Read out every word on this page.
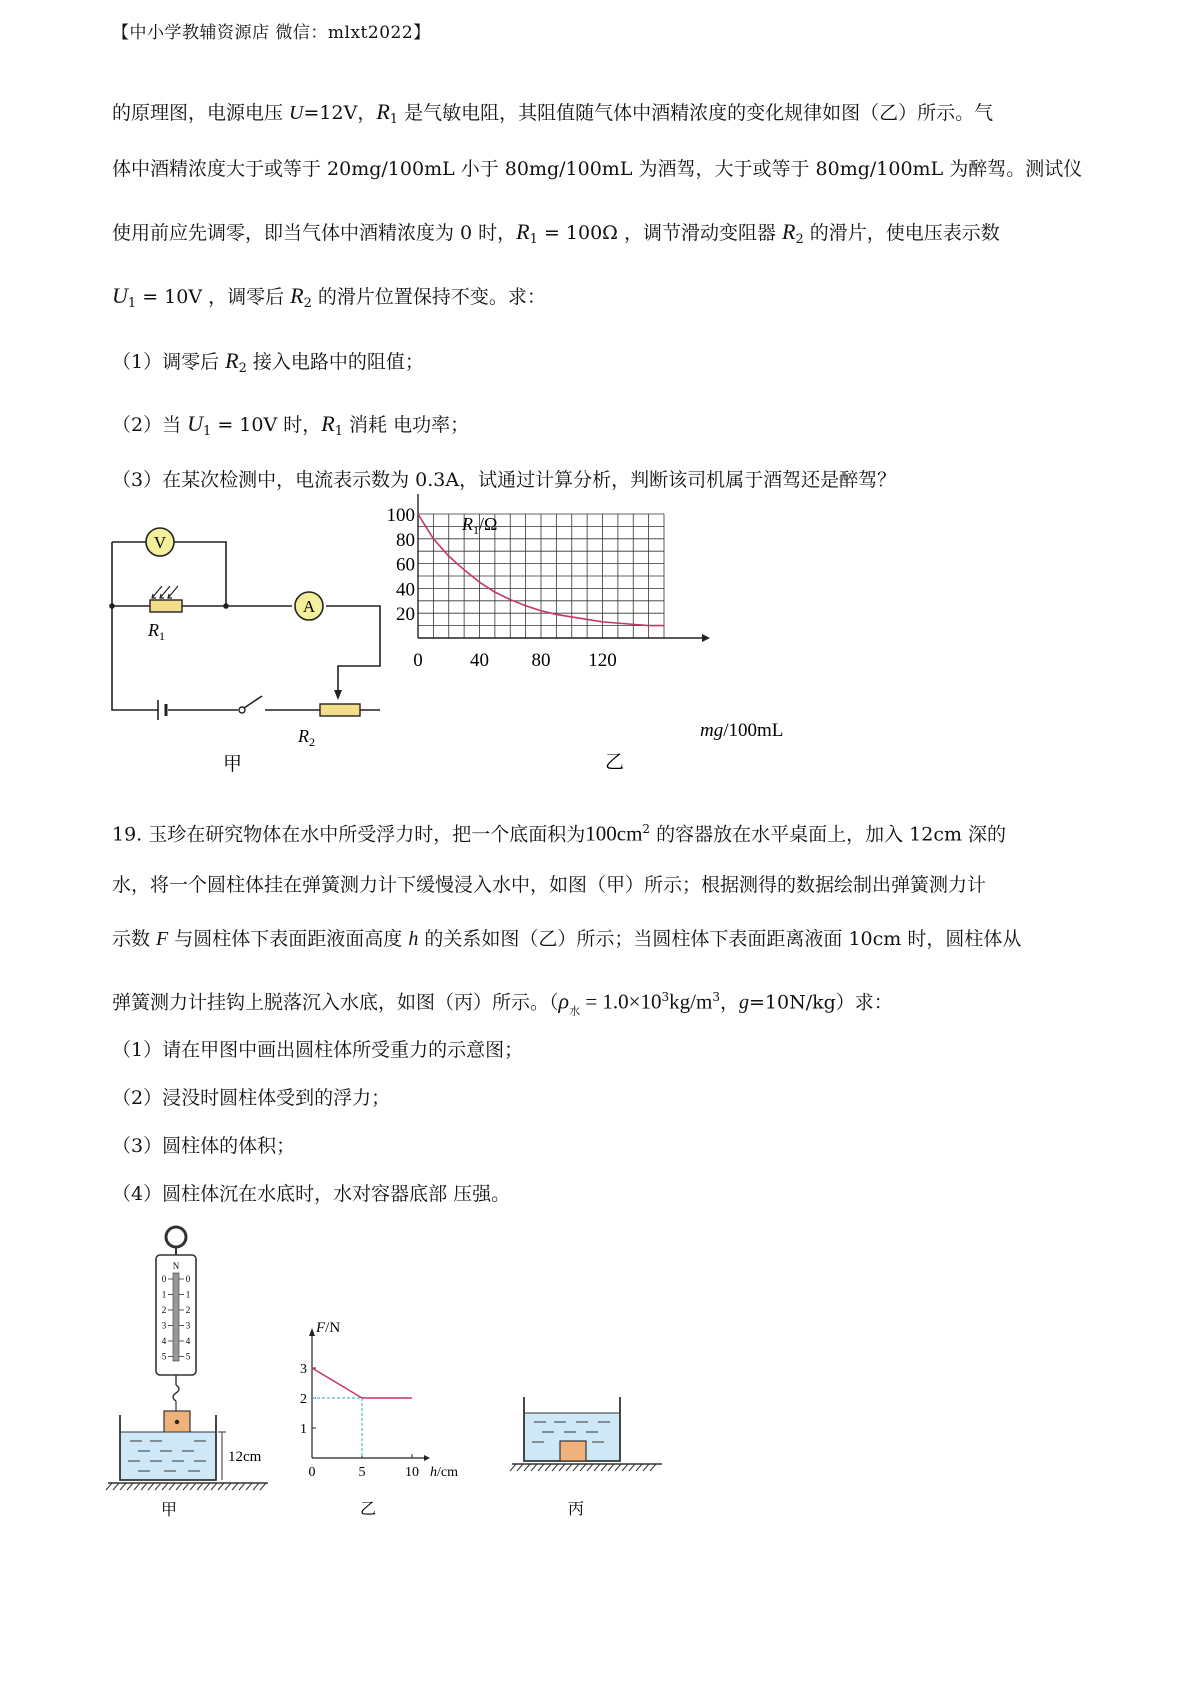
【中小学教辅资源店 微信：mlxt2022】
的原理图，电源电压 U=12V，$R_1$ 是气敏电阻，其阻值随气体中酒精浓度的变化规律如图（乙）所示。气
体中酒精浓度大于或等于 20mg/100mL 小于 80mg/100mL 为酒驾，大于或等于 80mg/100mL 为醉驾。测试仪
使用前应先调零，即当气体中酒精浓度为 0 时，$R_1 = 100\Omega$ ，调节滑动变阻器 $R_2$ 的滑片，使电压表示数
$U_1 = 10V$ ，调零后 $R_2$ 的滑片位置保持不变。求：
（1）调零后 $R_2$ 接入电路中的阻值；
（2）当 $U_1 = 10V$ 时，$R_1$ 消耗 电功率；
（3）在某次检测中，电流表示数为 0.3A，试通过计算分析，判断该司机属于酒驾还是醉驾？
V
A
$R_1$
$R_2$
甲
0 40 80 120
20
40
60
80
100	$R_1/\Omega$
mg/100mL
乙
19. 玉珍在研究物体在水中所受浮力时，把一个底面积为$100cm^2$ 的容器放在水平桌面上，加入 12cm 深的
水，将一个圆柱体挂在弹簧测力计下缓慢浸入水中，如图（甲）所示；根据测得的数据绘制出弹簧测力计
示数 F 与圆柱体下表面距液面高度 h 的关系如图（乙）所示；当圆柱体下表面距离液面 10cm 时，圆柱体从
弹簧测力计挂钩上脱落沉入水底，如图（丙）所示。（$\rho_水 = 1.0\times 10^3kg/m^3$，g=10N/kg）求：
（1）请在甲图中画出圆柱体所受重力的示意图；
（2）浸没时圆柱体受到的浮力；
（3）圆柱体的体积；
（4）圆柱体沉在水底时，水对容器底部 压强。
N
0 0
1 1
2 2
3 3
4 4
5 5
12cm
甲
0	5	10
1
2
3
F/N
h/cm
乙	丙
